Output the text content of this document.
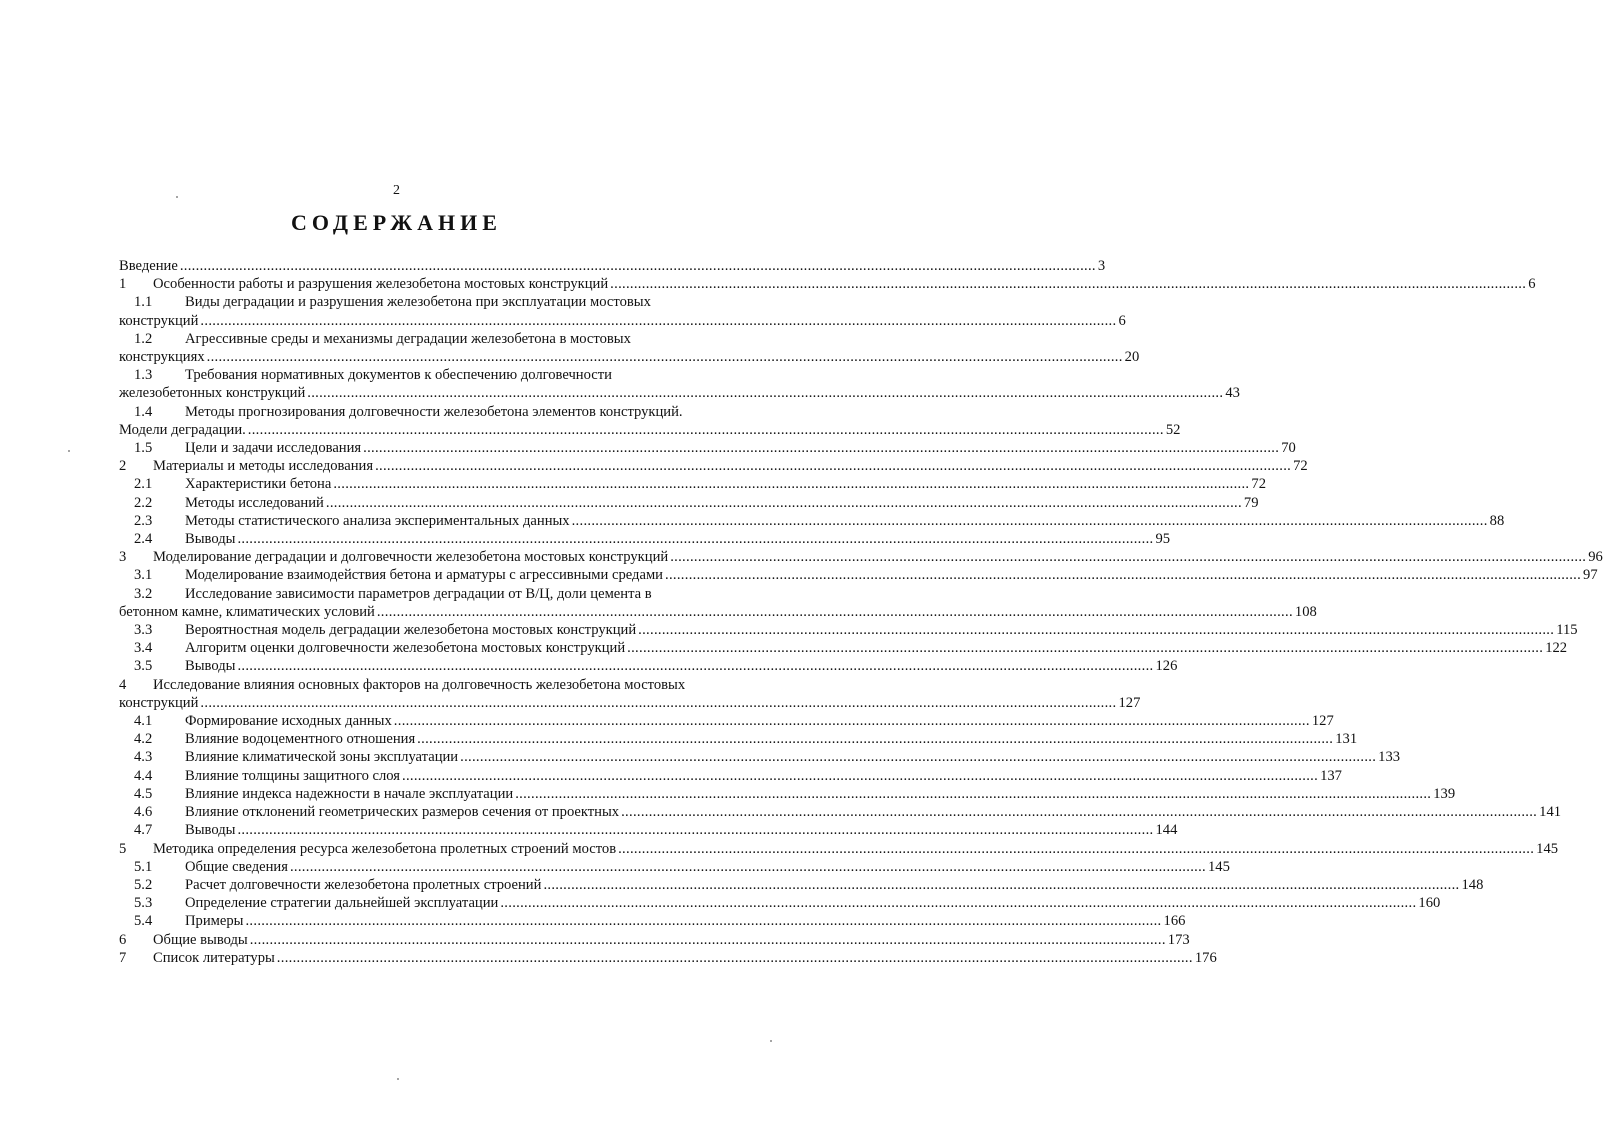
2
СОДЕРЖАНИЕ
Введение .....	3
1	Особенности работы и разрушения железобетона мостовых конструкций .....	6
1.1 Виды деградации и разрушения железобетона при эксплуатации мостовых
конструкций .....	6
1.2 Агрессивные среды и механизмы деградации железобетона в мостовых
конструкциях .....	20
1.3 Требования нормативных документов к обеспечению долговечности
железобетонных конструкций .....	43
1.4 Методы прогнозирования долговечности железобетона элементов конструкций.
Модели деградации. .....	52
1.5	Цели и задачи исследования .....	70
2	Материалы и методы исследования .....	72
2.1	Характеристики бетона .....	72
2.2	Методы исследований .....	79
2.3	Методы статистического анализа экспериментальных данных .....	88
2.4	Выводы .....	95
3	Моделирование деградации и долговечности железобетона мостовых конструкций .....	96
3.1	Моделирование взаимодействия бетона и арматуры с агрессивными средами .....	97
3.2 Исследование зависимости параметров деградации от В/Ц, доли цемента в
бетонном камне, климатических условий .....	108
3.3	Вероятностная модель деградации железобетона мостовых конструкций .....	115
3.4	Алгоритм оценки долговечности железобетона мостовых конструкций .....	122
3.5	Выводы .....	126
4 Исследование влияния основных факторов на долговечность железобетона мостовых
конструкций .....	127
4.1	Формирование исходных данных .....	127
4.2	Влияние водоцементного отношения .....	131
4.3	Влияние климатической зоны эксплуатации .....	133
4.4	Влияние толщины защитного слоя .....	137
4.5	Влияние индекса надежности в начале эксплуатации .....	139
4.6	Влияние отклонений геометрических размеров сечения от проектных .....	141
4.7	Выводы .....	144
5	Методика определения ресурса железобетона пролетных строений мостов .....	145
5.1	Общие сведения .....	145
5.2	Расчет долговечности железобетона пролетных строений .....	148
5.3	Определение стратегии дальнейшей эксплуатации .....	160
5.4	Примеры .....	166
6	Общие выводы .....	173
7	Список литературы .....	176
